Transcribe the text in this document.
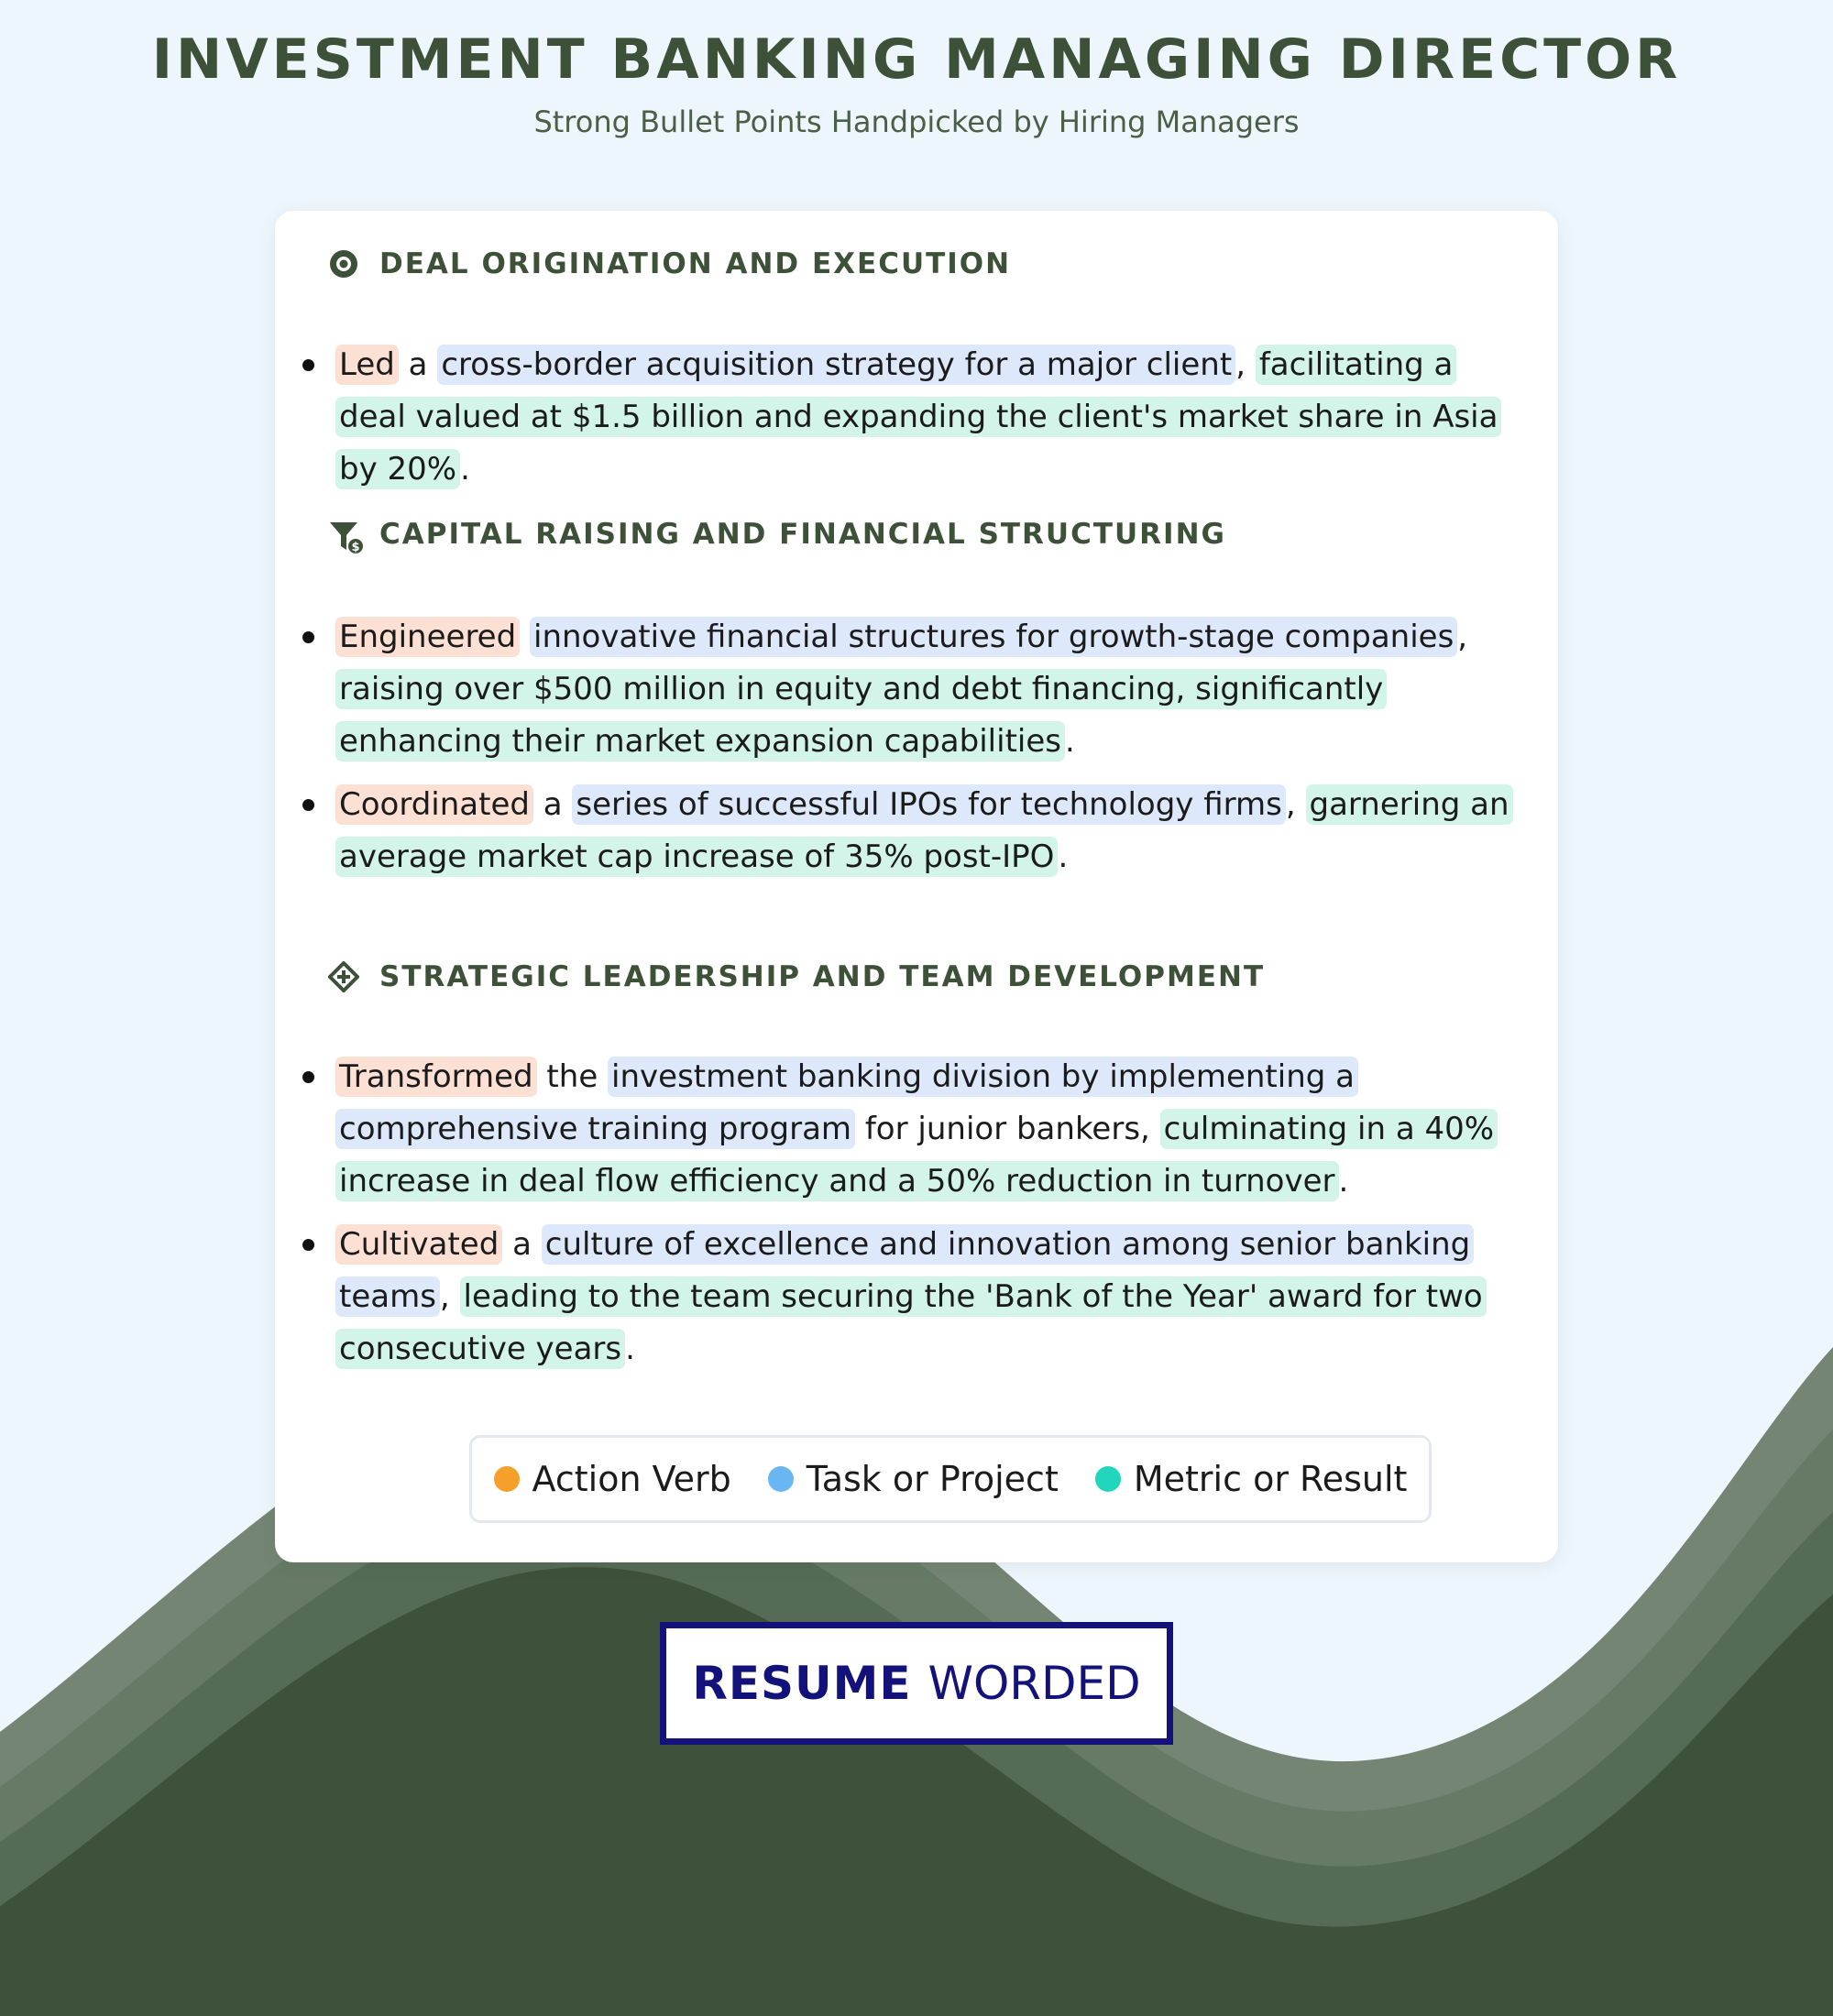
INVESTMENT BANKING MANAGING DIRECTOR
Strong Bullet Points Handpicked by Hiring Managers
DEAL ORIGINATION AND EXECUTION
Led a cross-border acquisition strategy for a major client , facilitating a deal valued at $1.5 billion and expanding the client's market share in Asia by 20% .
$ CAPITAL RAISING AND FINANCIAL STRUCTURING
Engineered innovative financial structures for growth-stage companies , raising over $500 million in equity and debt financing, significantly enhancing their market expansion capabilities .
Coordinated a series of successful IPOs for technology firms , garnering an average market cap increase of 35% post-IPO .
STRATEGIC LEADERSHIP AND TEAM DEVELOPMENT
Transformed the investment banking division by implementing a comprehensive training program for junior bankers, culminating in a 40% increase in deal flow efficiency and a 50% reduction in turnover .
Cultivated a culture of excellence and innovation among senior banking teams , leading to the team securing the 'Bank of the Year' award for two consecutive years .
Action Verb Task or Project Metric or Result
RESUME WORDED
